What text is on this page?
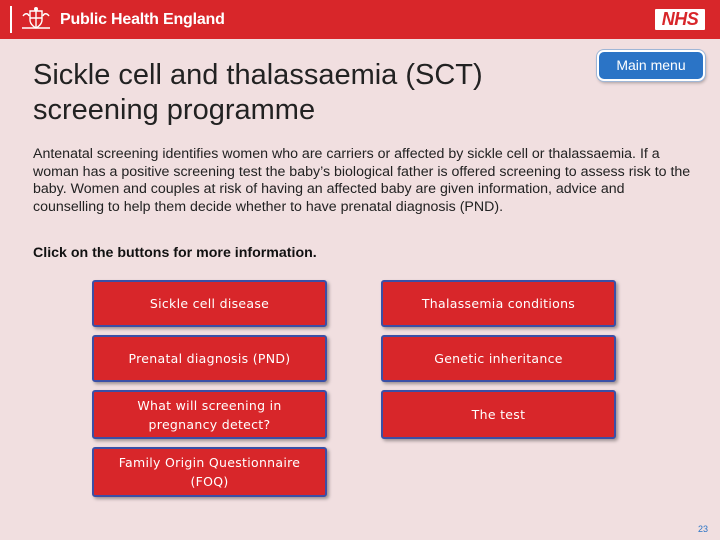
Public Health England	NHS
Sickle cell and thalassaemia (SCT) screening programme
Main menu

Antenatal screening identifies women who are carriers or affected by sickle cell or thalassaemia. If a woman has a positive screening test the baby’s biological father is offered screening to assess risk to the baby. Women and couples at risk of having an affected baby are given information, advice and counselling to help them decide whether to have prenatal diagnosis (PND).

Click on the buttons for more information.

Sickle cell disease	Thalassemia conditions
Prenatal diagnosis (PND)	Genetic inheritance
What will screening in pregnancy detect?
The test
Family Origin Questionnaire (FOQ)
23
